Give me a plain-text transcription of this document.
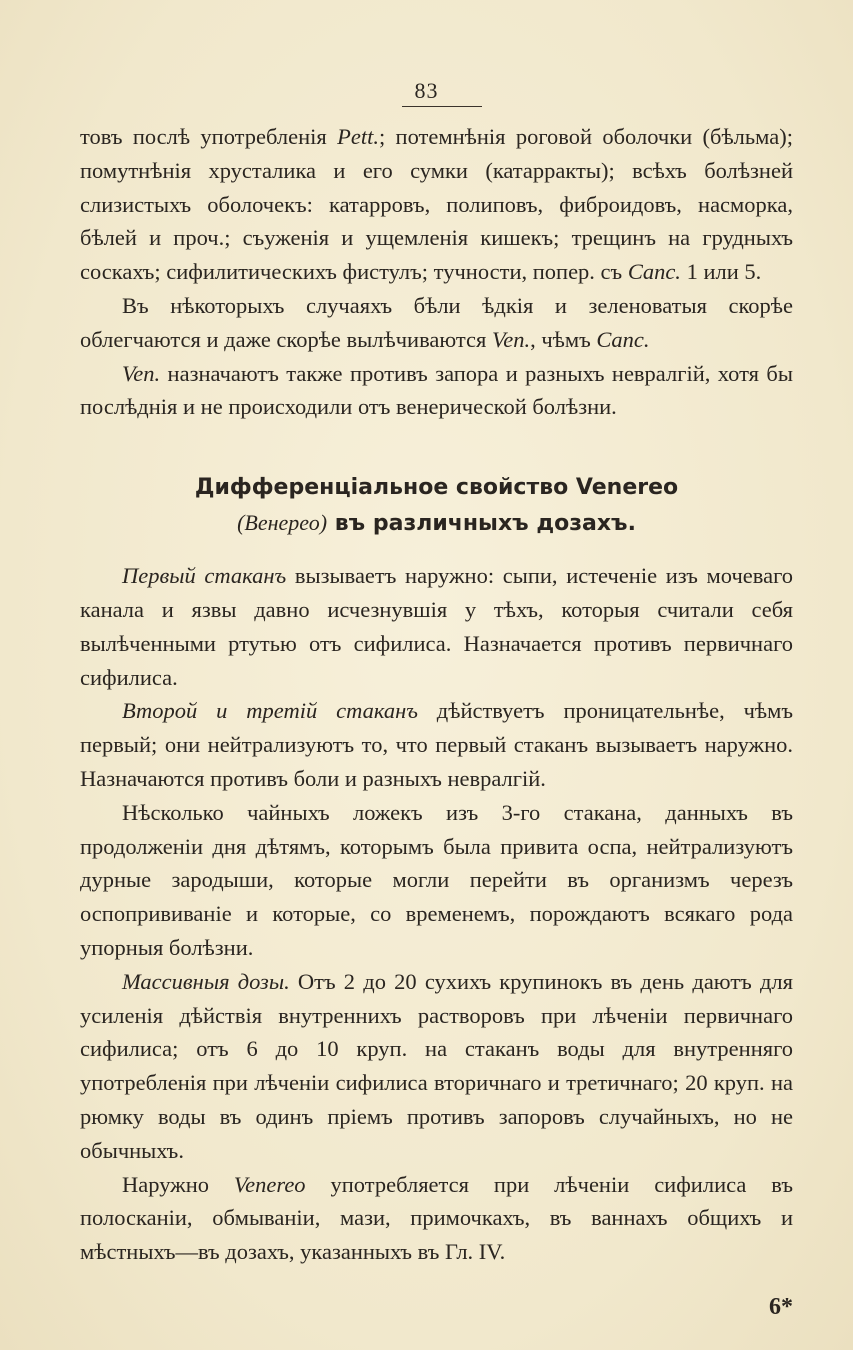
83

товъ послѣ употребленія Pett.; потемнѣнія роговой оболочки (бѣльма); помутнѣнія хрусталика и его сумки (катарракты); всѣхъ болѣзней слизистыхъ оболочекъ: катарровъ, полиповъ, фиброидовъ, насморка, бѣлей и проч.; съуженія и ущемленія кишекъ; трещинъ на грудныхъ соскахъ; сифилитическихъ фистулъ; тучности, попер. съ Canc. 1 или 5.

Въ нѣкоторыхъ случаяхъ бѣли ѣдкія и зеленоватыя скорѣе облегчаются и даже скорѣе вылѣчиваются Ven., чѣмъ Canc.

Ven. назначаютъ также противъ запора и разныхъ невралгій, хотя бы послѣднія и не происходили отъ венерической болѣзни.

Дифференціальное свойство Venereo
(Венерео) въ различныхъ дозахъ.

Первый стаканъ вызываетъ наружно: сыпи, истеченіе изъ мочеваго канала и язвы давно исчезнувшія у тѣхъ, которыя считали себя вылѣченными ртутью отъ сифилиса. Назначается противъ первичнаго сифилиса.

Второй и третій стаканъ дѣйствуетъ проницательнѣе, чѣмъ первый; они нейтрализуютъ то, что первый стаканъ вызываетъ наружно. Назначаются противъ боли и разныхъ невралгій.

Нѣсколько чайныхъ ложекъ изъ 3-го стакана, данныхъ въ продолженіи дня дѣтямъ, которымъ была привита оспа, нейтрализуютъ дурные зародыши, которые могли перейти въ организмъ черезъ оспопрививаніе и которые, со временемъ, порождаютъ всякаго рода упорныя болѣзни.

Массивныя дозы. Отъ 2 до 20 сухихъ крупинокъ въ день даютъ для усиленія дѣйствія внутреннихъ растворовъ при лѣченіи первичнаго сифилиса; отъ 6 до 10 круп. на стаканъ воды для внутренняго употребленія при лѣченіи сифилиса вторичнаго и третичнаго; 20 круп. на рюмку воды въ одинъ пріемъ противъ запоровъ случайныхъ, но не обычныхъ.

Наружно Venereo употребляется при лѣченіи сифилиса въ полосканіи, обмываніи, мази, примочкахъ, въ ваннахъ общихъ и мѣстныхъ—въ дозахъ, указанныхъ въ Гл. IV.

6*
